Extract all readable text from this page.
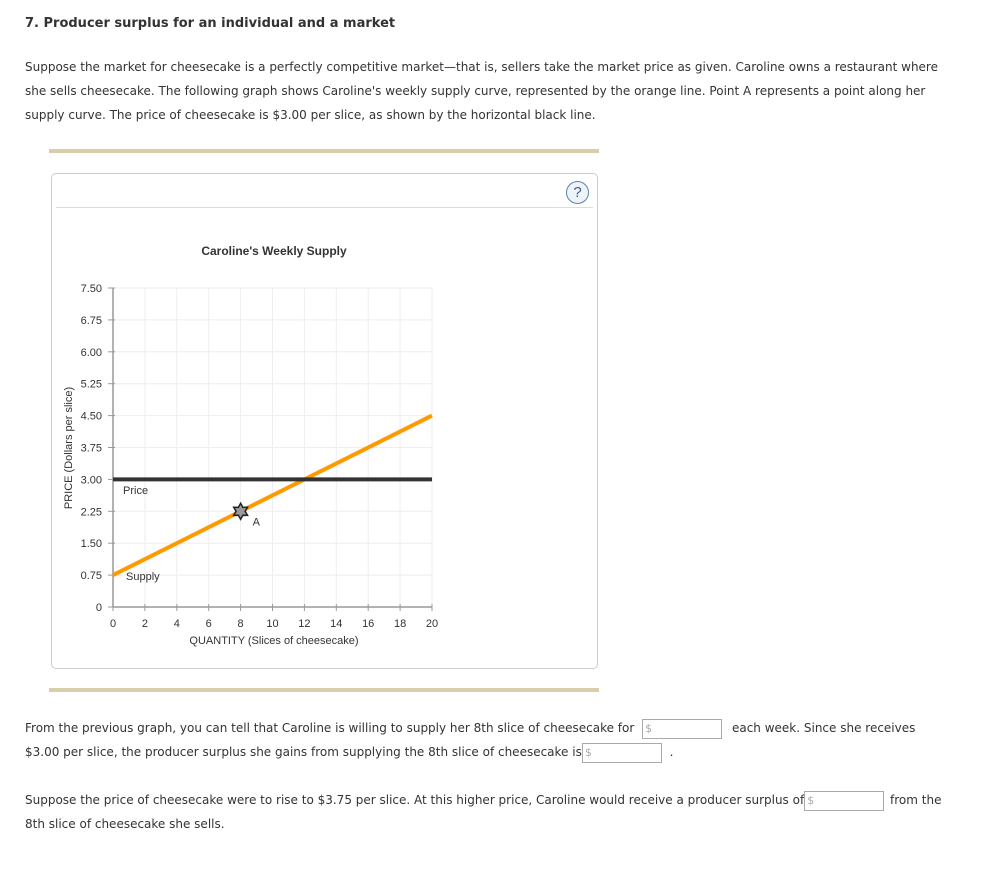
7. Producer surplus for an individual and a market
Suppose the market for cheesecake is a perfectly competitive market—that is, sellers take the market price as given. Caroline owns a restaurant where she sells cheesecake. The following graph shows Caroline's weekly supply curve, represented by the orange line. Point A represents a point along her supply curve. The price of cheesecake is $3.00 per slice, as shown by the horizontal black line.
?
0
0.75
1.50
2.25
3.00
3.75
4.50
5.25
6.00
6.75
7.50
0 2 4 6 8 10 12 14 16 18 20
Caroline's Weekly Supply
QUANTITY (Slices of cheesecake)
PRICE (Dollars per slice)	Price
Supply
A
From the previous graph, you can tell that Caroline is willing to supply her 8th slice of cheesecake for $	each week. Since she receives
$3.00 per slice, the producer surplus she gains from supplying the 8th slice of cheesecake is $	.
Suppose the price of cheesecake were to rise to $3.75 per slice. At this higher price, Caroline would receive a producer surplus of $	from the
8th slice of cheesecake she sells.
